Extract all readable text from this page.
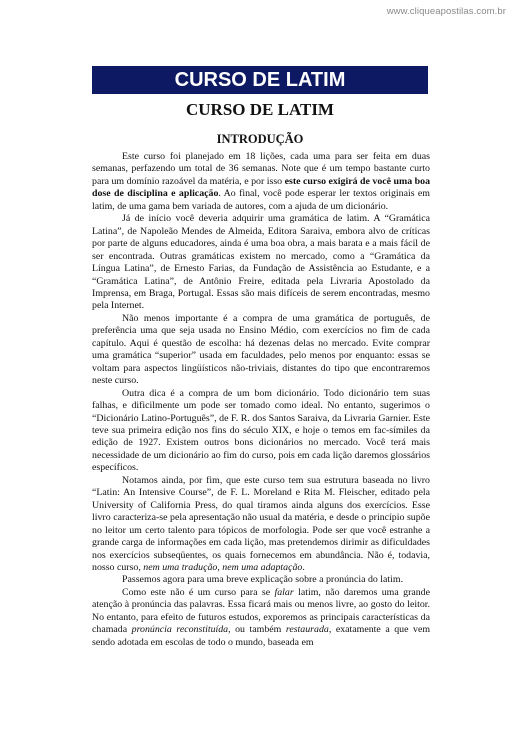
www.cliqueapostilas.com.br
CURSO DE LATIM
CURSO DE LATIM
INTRODUÇÃO

Este curso foi planejado em 18 lições, cada uma para ser feita em duas semanas, perfazendo um total de 36 semanas. Note que é um tempo bastante curto para um domínio razoável da matéria, e por isso este curso exigirá de você uma boa dose de disciplina e aplicação. Ao final, você pode esperar ler textos originais em latim, de uma gama bem variada de autores, com a ajuda de um dicionário.

Já de início você deveria adquirir uma gramática de latim. A “Gramática Latina”, de Napoleão Mendes de Almeida, Editora Saraiva, embora alvo de críticas por parte de alguns educadores, ainda é uma boa obra, a mais barata e a mais fácil de ser encontrada. Outras gramáticas existem no mercado, como a “Gramática da Língua Latina”, de Ernesto Farias, da Fundação de Assistência ao Estudante, e a “Gramática Latina”, de Antônio Freire, editada pela Livraria Apostolado da Imprensa, em Braga, Portugal. Essas são mais difíceis de serem encontradas, mesmo pela Internet.

Não menos importante é a compra de uma gramática de português, de preferência uma que seja usada no Ensino Médio, com exercícios no fim de cada capítulo. Aqui é questão de escolha: há dezenas delas no mercado. Evite comprar uma gramática “superior” usada em faculdades, pelo menos por enquanto: essas se voltam para aspectos lingüísticos não-triviais, distantes do tipo que encontraremos neste curso.

Outra dica é a compra de um bom dicionário. Todo dicionário tem suas falhas, e dificilmente um pode ser tomado como ideal. No entanto, sugerimos o “Dicionário Latino-Português”, de F. R. dos Santos Saraiva, da Livraria Garnier. Este teve sua primeira edição nos fins do século XIX, e hoje o temos em fac-símiles da edição de 1927. Existem outros bons dicionários no mercado. Você terá mais necessidade de um dicionário ao fim do curso, pois em cada lição daremos glossários específicos.

Notamos ainda, por fim, que este curso tem sua estrutura baseada no livro “Latin: An Intensive Course”, de F. L. Moreland e Rita M. Fleischer, editado pela University of California Press, do qual tiramos ainda alguns dos exercícios. Esse livro caracteriza-se pela apresentação não usual da matéria, e desde o princípio supõe no leitor um certo talento para tópicos de morfologia. Pode ser que você estranhe a grande carga de informações em cada lição, mas pretendemos dirimir as dificuldades nos exercícios subseqüentes, os quais fornecemos em abundância. Não é, todavia, nosso curso, nem uma tradução, nem uma adaptação.

Passemos agora para uma breve explicação sobre a pronúncia do latim.

Como este não é um curso para se falar latim, não daremos uma grande atenção à pronúncia das palavras. Essa ficará mais ou menos livre, ao gosto do leitor. No entanto, para efeito de futuros estudos, exporemos as principais características da chamada pronúncia reconstituída, ou também restaurada, exatamente a que vem sendo adotada em escolas de todo o mundo, baseada em
